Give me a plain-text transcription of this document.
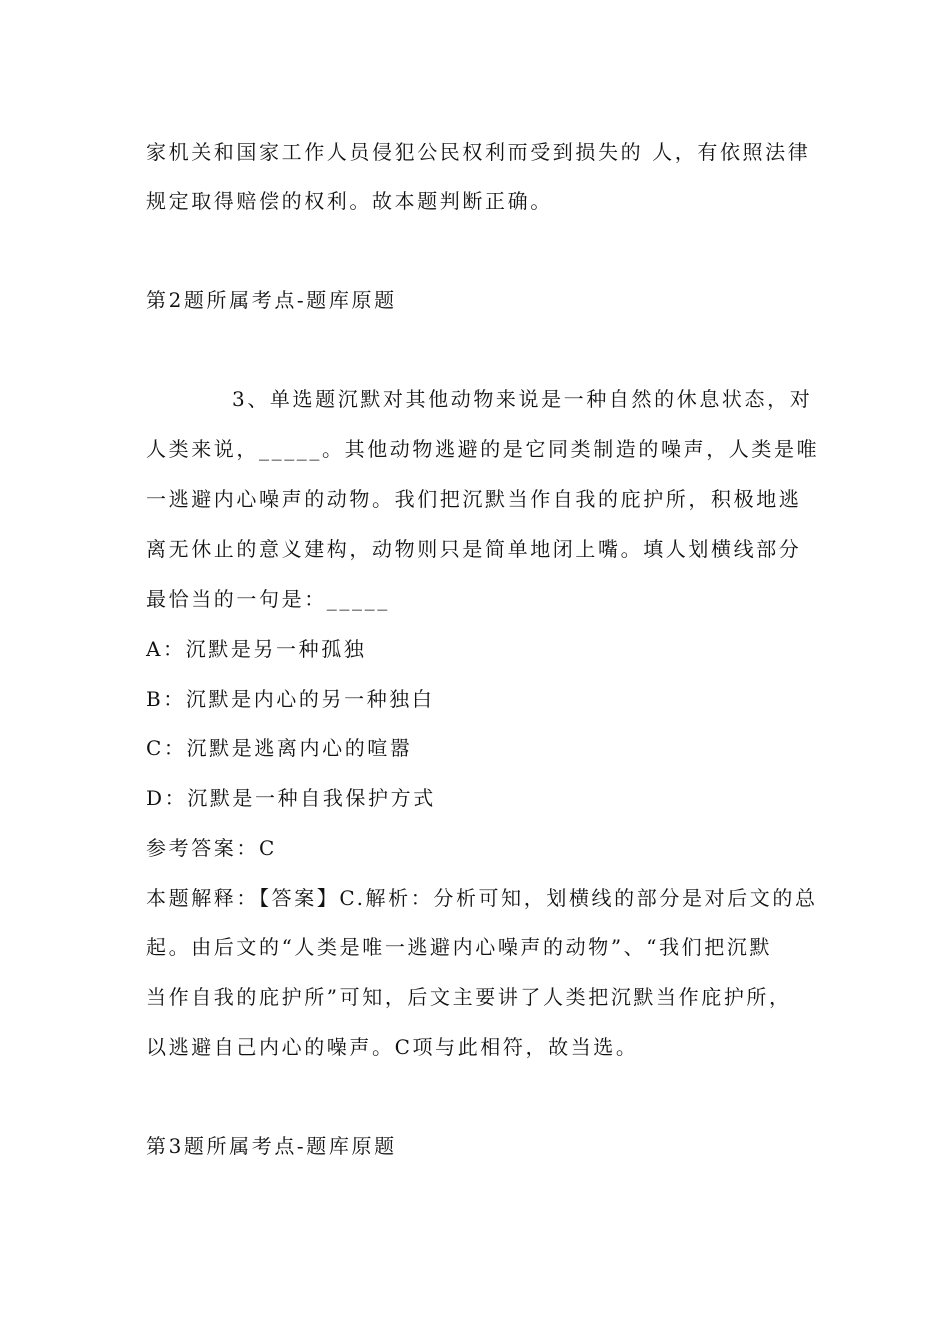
家机关和国家工作人员侵犯公民权利而受到损失的 人，有依照法律
规定取得赔偿的权利。故本题判断正确。
第2题所属考点-题库原题
3、单选题沉默对其他动物来说是一种自然的休息状态，对
人类来说，_____。其他动物逃避的是它同类制造的噪声，人类是唯
一逃避内心噪声的动物。我们把沉默当作自我的庇护所，积极地逃
离无休止的意义建构，动物则只是简单地闭上嘴。填人划横线部分
最恰当的一句是：_____
A：沉默是另一种孤独
B：沉默是内心的另一种独白
C：沉默是逃离内心的喧嚣
D：沉默是一种自我保护方式
参考答案：C
本题解释：【答案】C.解析：分析可知，划横线的部分是对后文的总
起。由后文的“人类是唯一逃避内心噪声的动物”、“我们把沉默
当作自我的庇护所”可知，后文主要讲了人类把沉默当作庇护所，
以逃避自己内心的噪声。C项与此相符，故当选。
第3题所属考点-题库原题
